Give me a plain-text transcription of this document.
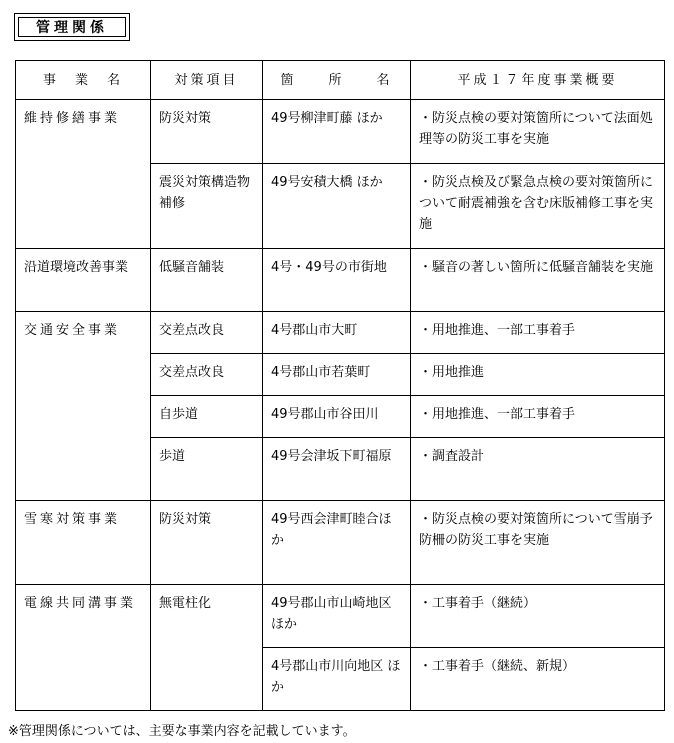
管理関係
事　業　名	対策項目	箇　　所　　名	平成１７年度事業概要
維持修繕事業	防災対策	49号柳津町藤 ほか	・防災点検の要対策箇所について法面処理等の防災工事を実施
	震災対策構造物補修	49号安積大橋 ほか	・防災点検及び緊急点検の要対策箇所について耐震補強を含む床版補修工事を実施
沿道環境改善事業	低騒音舗装	4号・49号の市街地	・騒音の著しい箇所に低騒音舗装を実施
交通安全事業	交差点改良	4号郡山市大町	・用地推進、一部工事着手
	交差点改良	4号郡山市若葉町	・用地推進
	自歩道	49号郡山市谷田川	・用地推進、一部工事着手
	歩道	49号会津坂下町福原	・調査設計
雪寒対策事業	防災対策	49号西会津町睦合ほか	・防災点検の要対策箇所について雪崩予防柵の防災工事を実施
電線共同溝事業	無電柱化	49号郡山市山崎地区 ほか	・工事着手（継続）
		4号郡山市川向地区 ほか	・工事着手（継続、新規）
※管理関係については、主要な事業内容を記載しています。
